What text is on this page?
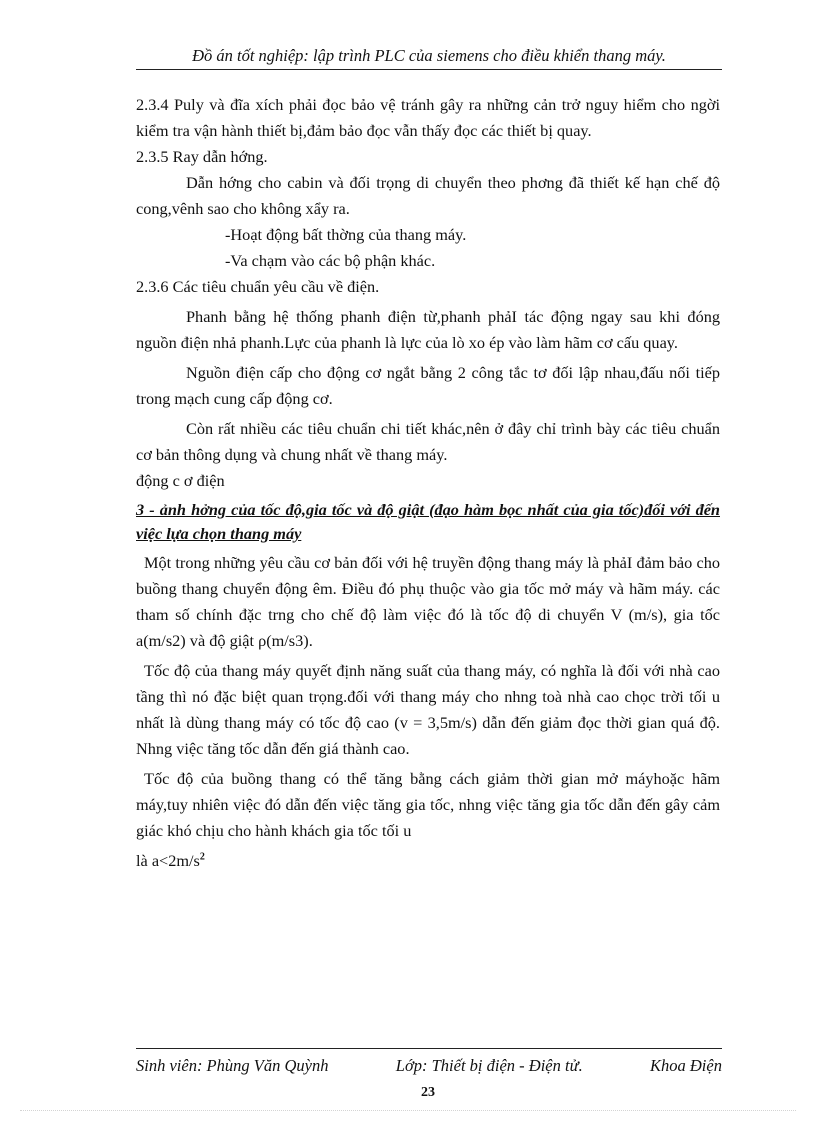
Đồ án tốt nghiệp: lập trình PLC của siemens cho điều khiển thang máy.

2.3.4 Puly và đĩa xích phải đọc bảo vệ tránh gây ra những cản trở nguy hiểm cho ngời kiểm tra vận hành thiết bị,đảm bảo đọc vẫn thấy đọc các thiết bị quay.

2.3.5 Ray dẫn hớng.

Dẫn hớng cho cabin và đối trọng di chuyển theo phơng đã thiết kế hạn chế độ cong,vênh sao cho không xẩy ra.

-Hoạt động bất thờng của thang máy.

-Va chạm vào các bộ phận khác.

2.3.6 Các tiêu chuẩn yêu cầu về điện.

Phanh bằng hệ thống phanh điện từ,phanh phảI tác động ngay sau khi đóng nguồn điện nhả phanh.Lực của phanh là lực của lò xo ép vào làm hãm cơ cấu quay.

Nguồn điện cấp cho động cơ ngắt bằng 2 công tắc tơ đối lập nhau,đấu nối tiếp trong mạch cung cấp động cơ.

Còn rất nhiều các tiêu chuẩn chi tiết khác,nên ở đây chỉ trình bày các tiêu chuẩn cơ bản thông dụng và chung nhất về thang máy.

động c ơ điện

3 - ảnh hởng của tốc độ,gia tốc và độ giật (đạo hàm bọc nhất của gia tốc)đối với đến việc lựa chọn thang máy

Một trong những yêu cầu cơ bản đối với hệ truyền động thang máy là phảI đảm bảo cho buồng thang chuyển động êm. Điều đó phụ thuộc vào gia tốc mở máy và hãm máy. các tham số chính đặc trng cho chế độ làm việc đó là tốc độ di chuyển V (m/s), gia tốc a(m/s2) và độ giật ρ(m/s3).

Tốc độ của thang máy quyết định năng suất của thang máy, có nghĩa là đối với nhà cao tầng thì nó đặc biệt quan trọng.đối với thang máy cho nhng toà nhà cao chọc trời tối u nhất là dùng thang máy có tốc độ cao (v = 3,5m/s) dẫn đến giảm đọc thời gian quá độ. Nhng việc tăng tốc dẫn đến giá thành cao.

Tốc độ của buồng thang có thể tăng bằng cách giảm thời gian mở máyhoặc hãm máy,tuy nhiên việc đó dẫn đến việc tăng gia tốc, nhng việc tăng gia tốc dẫn đến gây cảm giác khó chịu cho hành khách gia tốc tối u

là $a<2m/s^2$

Sinh viên: Phùng Văn Quỳnh	Lớp: Thiết bị điện - Điện tử.	Khoa Điện
23
